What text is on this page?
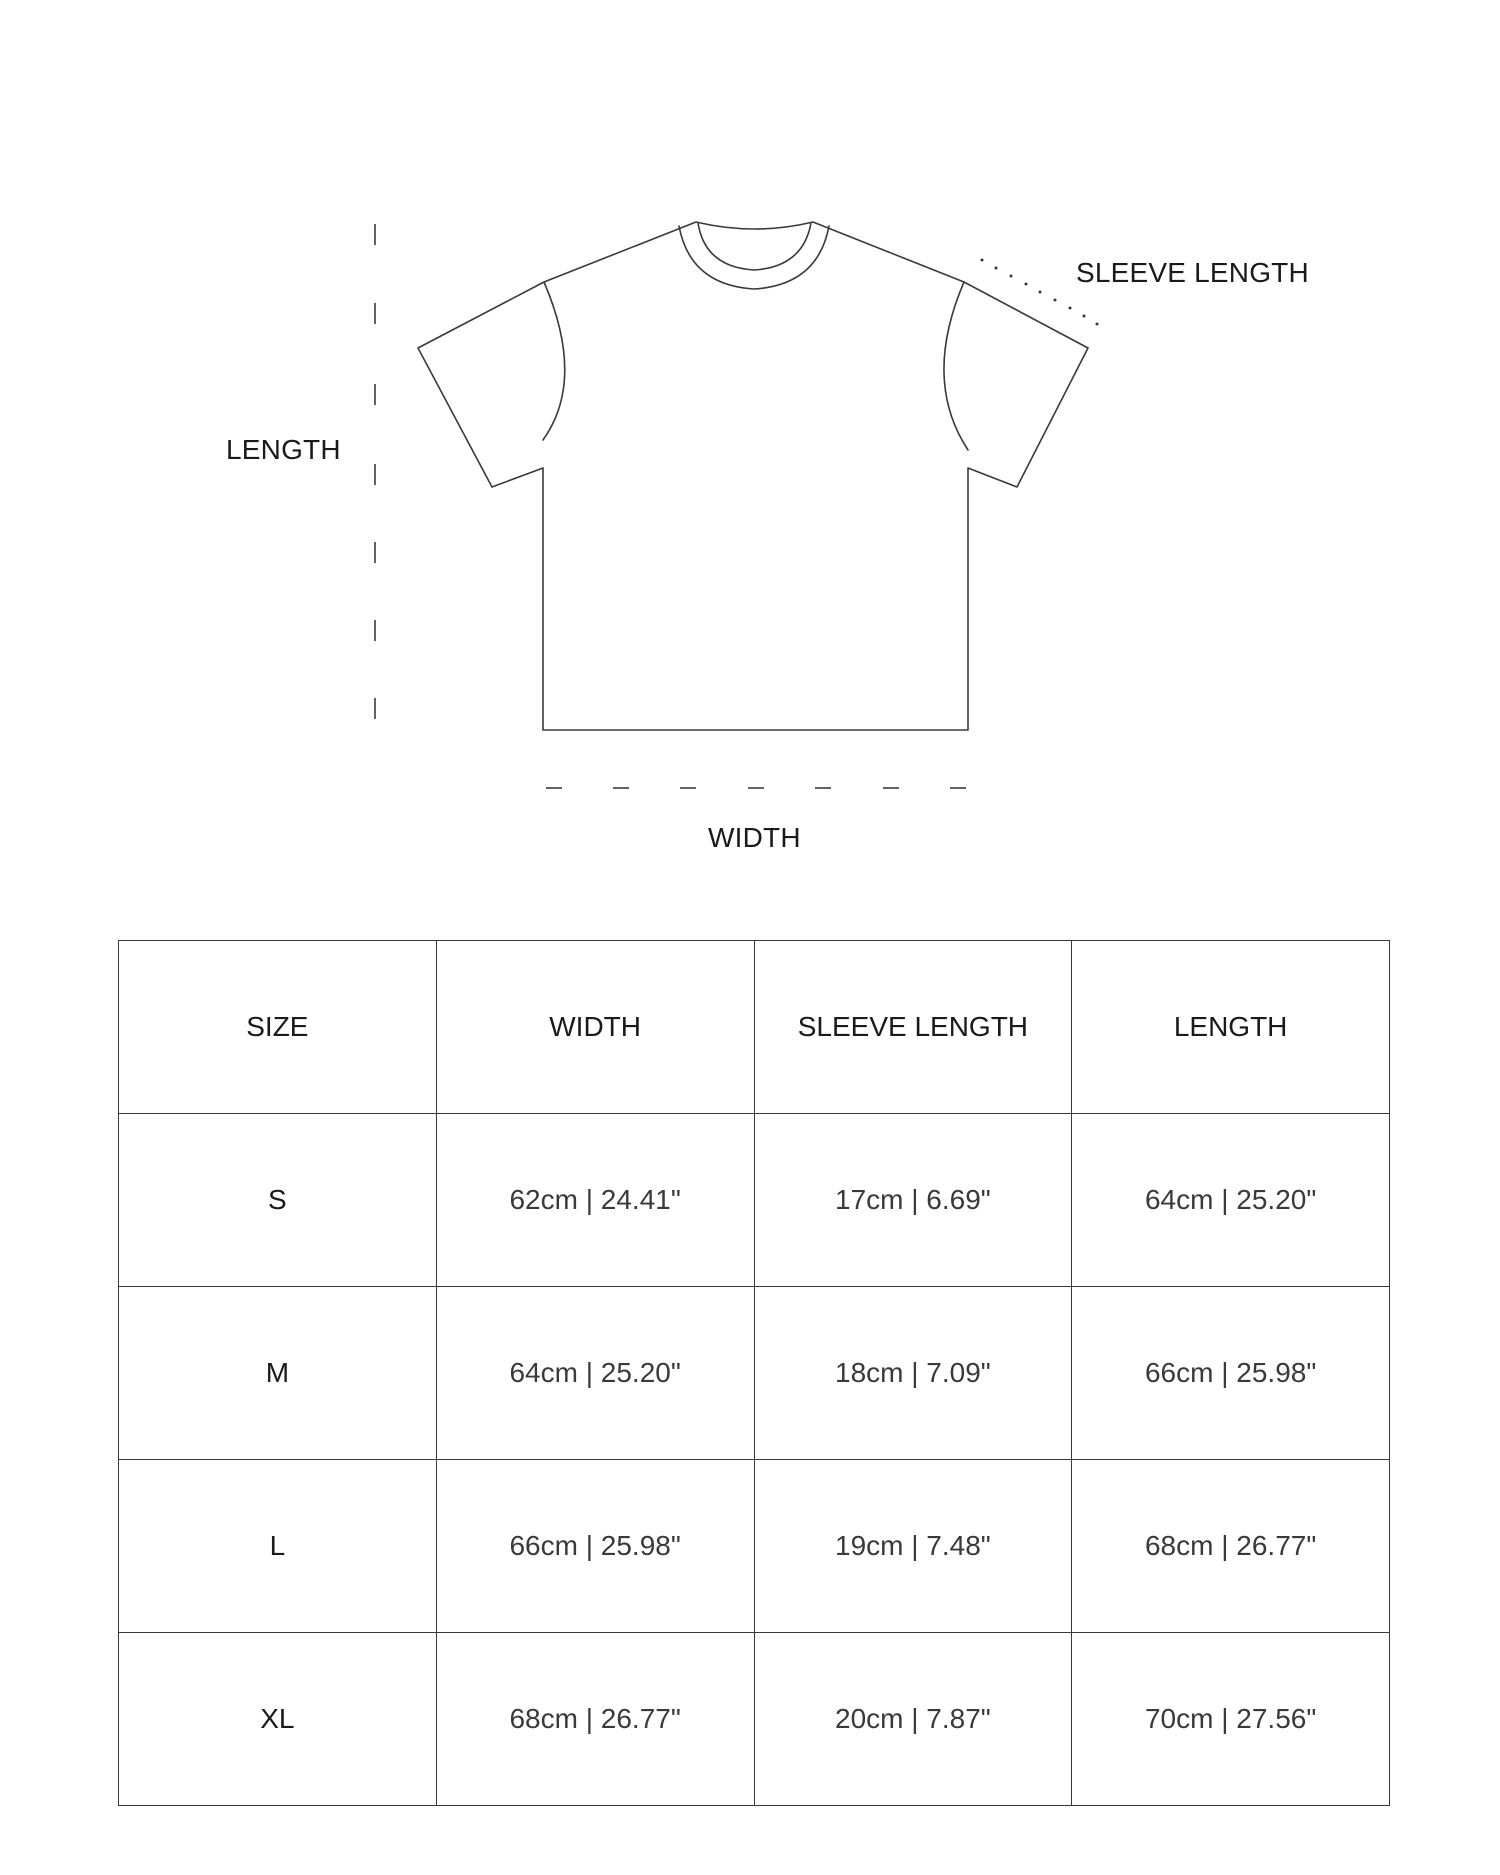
LENGTH
SLEEVE LENGTH
WIDTH
SIZE	WIDTH	SLEEVE LENGTH	LENGTH
S	62cm | 24.41"	17cm | 6.69"	64cm | 25.20"
M	64cm | 25.20"	18cm | 7.09"	66cm | 25.98"
L	66cm | 25.98"	19cm | 7.48"	68cm | 26.77"
XL	68cm | 26.77"	20cm | 7.87"	70cm | 27.56"
